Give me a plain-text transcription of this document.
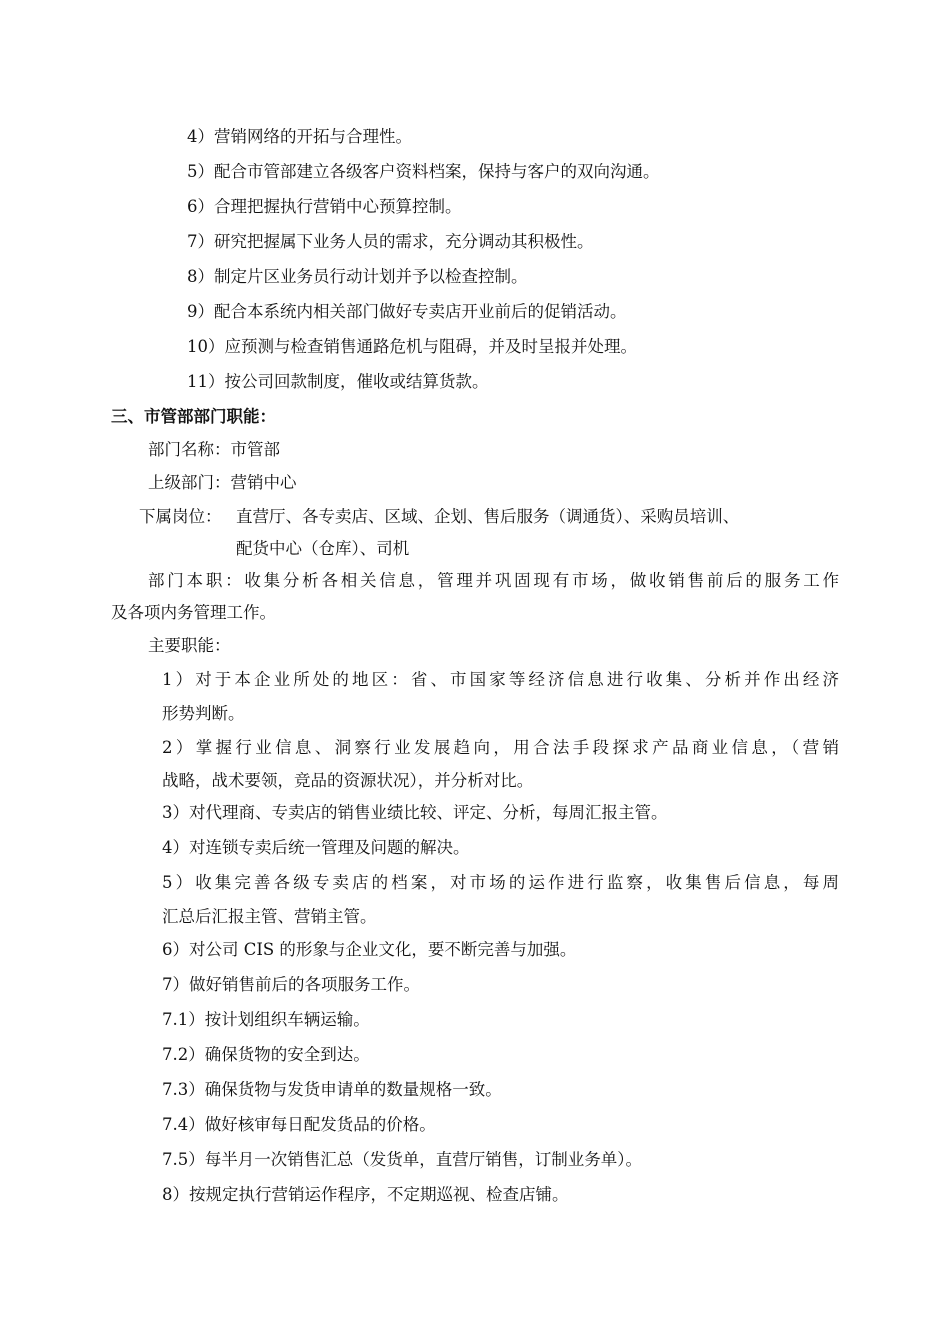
4）营销网络的开拓与合理性。
5）配合市管部建立各级客户资料档案，保持与客户的双向沟通。
6）合理把握执行营销中心预算控制。
7）研究把握属下业务人员的需求，充分调动其积极性。
8）制定片区业务员行动计划并予以检查控制。
9）配合本系统内相关部门做好专卖店开业前后的促销活动。
10）应预测与检查销售通路危机与阻碍，并及时呈报并处理。
11）按公司回款制度，催收或结算货款。
三、市管部部门职能：
部门名称：市管部
上级部门：营销中心
下属岗位： 直营厅、各专卖店、区域、企划、售后服务（调通货）、采购员培训、
配货中心（仓库）、司机
部门本职：收集分析各相关信息，管理并巩固现有市场，做收销售前后的服务工作
及各项内务管理工作。
主要职能：
1）对于本企业所处的地区：省、市国家等经济信息进行收集、分析并作出经济
形势判断。
2）掌握行业信息、洞察行业发展趋向，用合法手段探求产品商业信息，（营销
战略，战术要领，竞品的资源状况），并分析对比。
3）对代理商、专卖店的销售业绩比较、评定、分析，每周汇报主管。
4）对连锁专卖后统一管理及问题的解决。
5）收集完善各级专卖店的档案，对市场的运作进行监察，收集售后信息，每周
汇总后汇报主管、营销主管。
6）对公司 CIS 的形象与企业文化，要不断完善与加强。
7）做好销售前后的各项服务工作。
7.1）按计划组织车辆运输。
7.2）确保货物的安全到达。
7.3）确保货物与发货申请单的数量规格一致。
7.4）做好核审每日配发货品的价格。
7.5）每半月一次销售汇总（发货单，直营厅销售，订制业务单）。
8）按规定执行营销运作程序，不定期巡视、检查店铺。
